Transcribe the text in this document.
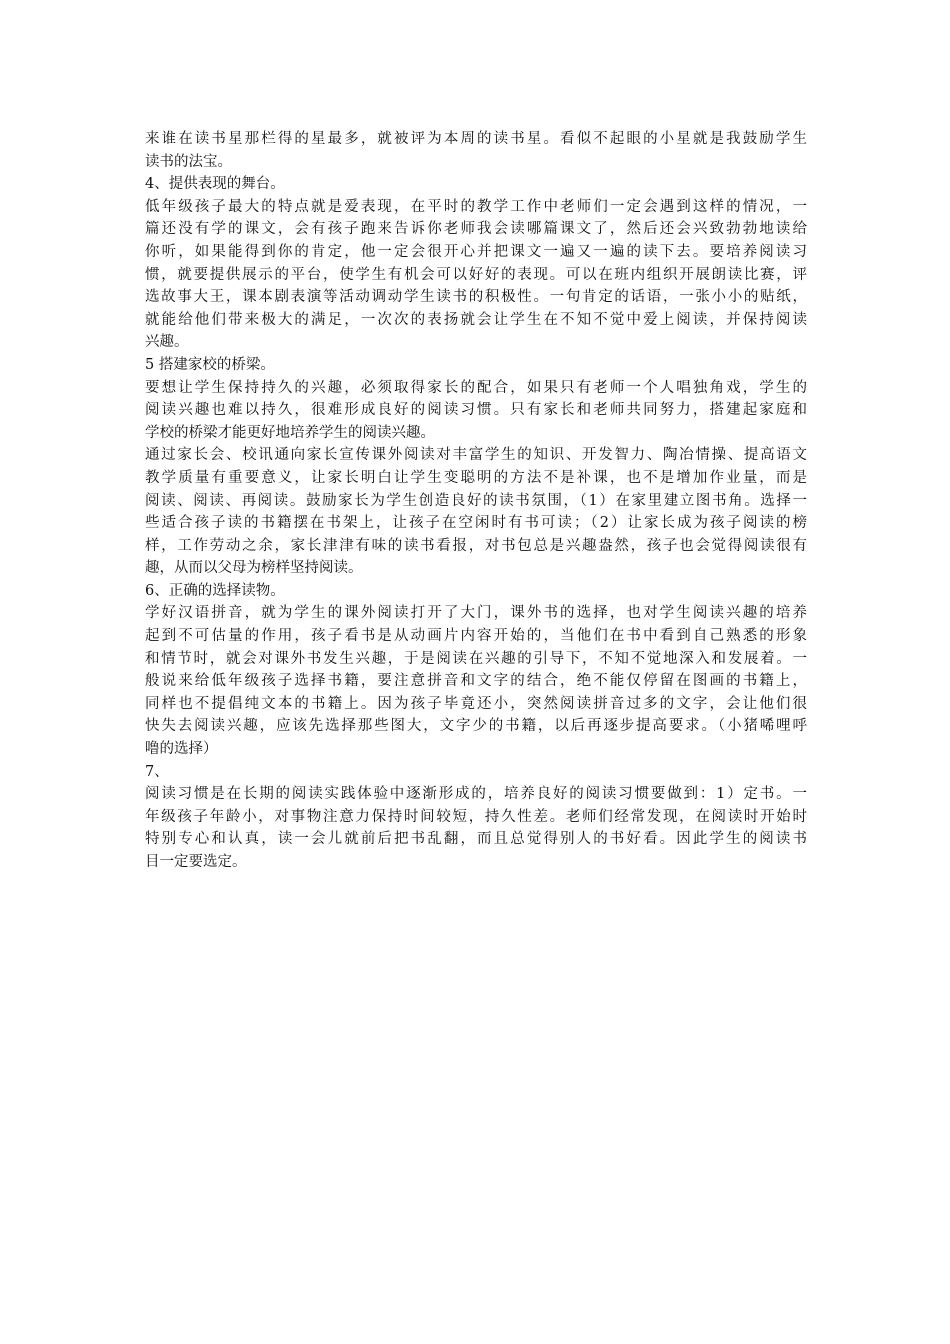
来谁在读书星那栏得的星最多，就被评为本周的读书星。看似不起眼的小星就是我鼓励学生
读书的法宝。
4、提供表现的舞台。
低年级孩子最大的特点就是爱表现，在平时的教学工作中老师们一定会遇到这样的情况，一
篇还没有学的课文，会有孩子跑来告诉你老师我会读哪篇课文了，然后还会兴致勃勃地读给
你听，如果能得到你的肯定，他一定会很开心并把课文一遍又一遍的读下去。要培养阅读习
惯，就要提供展示的平台，使学生有机会可以好好的表现。可以在班内组织开展朗读比赛，评
选故事大王，课本剧表演等活动调动学生读书的积极性。一句肯定的话语，一张小小的贴纸，
就能给他们带来极大的满足，一次次的表扬就会让学生在不知不觉中爱上阅读，并保持阅读
兴趣。
5 搭建家校的桥梁。
要想让学生保持持久的兴趣，必须取得家长的配合，如果只有老师一个人唱独角戏，学生的
阅读兴趣也难以持久，很难形成良好的阅读习惯。只有家长和老师共同努力，搭建起家庭和
学校的桥梁才能更好地培养学生的阅读兴趣。
通过家长会、校讯通向家长宣传课外阅读对丰富学生的知识、开发智力、陶冶情操、提高语文
教学质量有重要意义，让家长明白让学生变聪明的方法不是补课，也不是增加作业量，而是
阅读、阅读、再阅读。鼓励家长为学生创造良好的读书氛围，（1）在家里建立图书角。选择一
些适合孩子读的书籍摆在书架上，让孩子在空闲时有书可读；（2）让家长成为孩子阅读的榜
样，工作劳动之余，家长津津有味的读书看报，对书包总是兴趣盎然，孩子也会觉得阅读很有
趣，从而以父母为榜样坚持阅读。
6、正确的选择读物。
学好汉语拼音，就为学生的课外阅读打开了大门，课外书的选择，也对学生阅读兴趣的培养
起到不可估量的作用，孩子看书是从动画片内容开始的，当他们在书中看到自己熟悉的形象
和情节时，就会对课外书发生兴趣，于是阅读在兴趣的引导下，不知不觉地深入和发展着。一
般说来给低年级孩子选择书籍，要注意拼音和文字的结合，绝不能仅停留在图画的书籍上，
同样也不提倡纯文本的书籍上。因为孩子毕竟还小，突然阅读拼音过多的文字，会让他们很
快失去阅读兴趣，应该先选择那些图大，文字少的书籍，以后再逐步提高要求。（小猪唏哩呼
噜的选择）
7、
阅读习惯是在长期的阅读实践体验中逐渐形成的，培养良好的阅读习惯要做到：1）定书。一
年级孩子年龄小，对事物注意力保持时间较短，持久性差。老师们经常发现，在阅读时开始时
特别专心和认真，读一会儿就前后把书乱翻，而且总觉得别人的书好看。因此学生的阅读书
目一定要选定。
